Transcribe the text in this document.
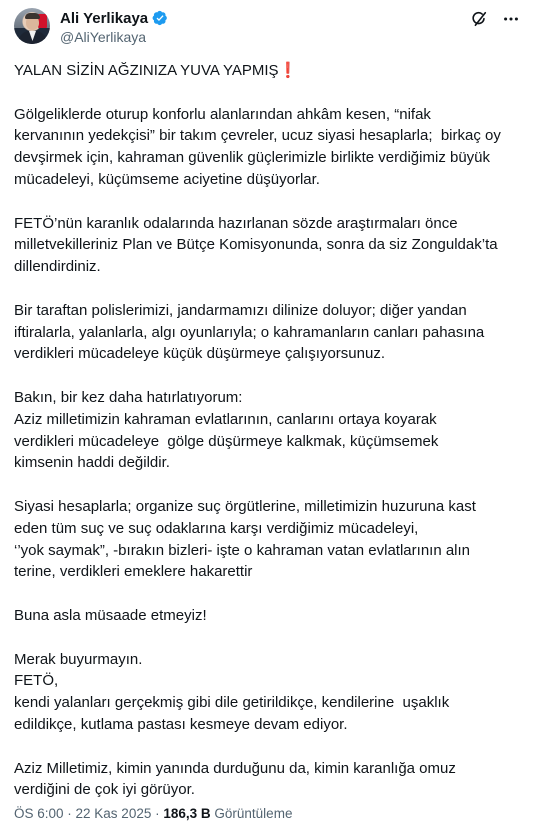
Ali Yerlikaya
@AliYerlikaya

YALAN SİZİN AĞZINIZA YUVA YAPMIŞ❗️

Gölgeliklerde oturup konforlu alanlarından ahkâm kesen, “nifak
kervanının yedekçisi” bir takım çevreler, ucuz siyasi hesaplarla;  birkaç oy
devşirmek için, kahraman güvenlik güçlerimizle birlikte verdiğimiz büyük
mücadeleyi, küçümseme aciyetine düşüyorlar.

FETÖ’nün karanlık odalarında hazırlanan sözde araştırmaları önce
milletvekilleriniz Plan ve Bütçe Komisyonunda, sonra da siz Zonguldak’ta
dillendirdiniz.

Bir taraftan polislerimizi, jandarmamızı dilinize doluyor; diğer yandan
iftiralarla, yalanlarla, algı oyunlarıyla; o kahramanların canları pahasına
verdikleri mücadeleye küçük düşürmeye çalışıyorsunuz.

Bakın, bir kez daha hatırlatıyorum:
Aziz milletimizin kahraman evlatlarının, canlarını ortaya koyarak
verdikleri mücadeleye  gölge düşürmeye kalkmak, küçümsemek
kimsenin haddi değildir.

Siyasi hesaplarla; organize suç örgütlerine, milletimizin huzuruna kast
eden tüm suç ve suç odaklarına karşı verdiğimiz mücadeleyi,
‘’yok saymak”, -bırakın bizleri- işte o kahraman vatan evlatlarının alın
terine, verdikleri emeklere hakarettir

Buna asla müsaade etmeyiz!

Merak buyurmayın.
FETÖ,
kendi yalanları gerçekmiş gibi dile getirildikçe, kendilerine  uşaklık
edildikçe, kutlama pastası kesmeye devam ediyor.

Aziz Milletimiz, kimin yanında durduğunu da, kimin karanlığa omuz
verdiğini de çok iyi görüyor.

ÖS 6:00 · 22 Kas 2025 · 186,3 B Görüntüleme
